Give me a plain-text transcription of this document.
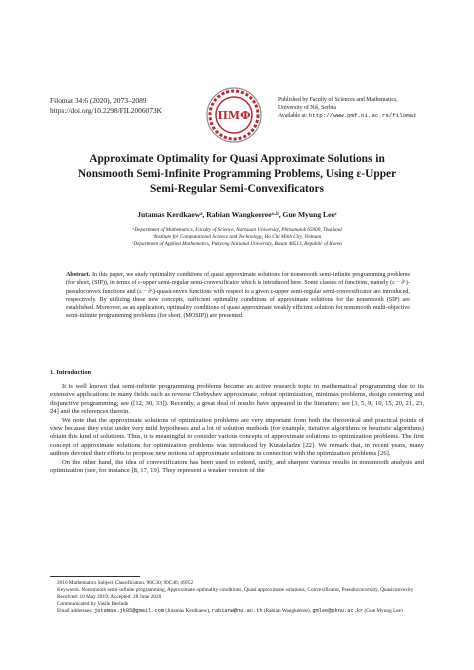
Filomat 34:6 (2020), 2073–2089
https://doi.org/10.2298/FIL2006073K	ПМФ
Published by Faculty of Sciences and Mathematics,
University of Niš, Serbia
Available at: http://www.pmf.ni.ac.rs/filomat
Approximate Optimality for Quasi Approximate Solutions in
Nonsmooth Semi-Infinite Programming Problems, Using ε-Upper
Semi-Regular Semi-Convexificators
Jutamas Kerdkaewᵃ, Rabian Wangkeereeᵃ·ᵇ, Gue Myung Leeᶜ
ᵃDepartment of Mathematics, Faculty of Science, Naresuan University, Phitsanulok 65000, Thailand
ᵇInstitute for Computational Science and Technology, Ho Chi Minh City, Vietnam
ᶜDepartment of Applied Mathematics, Pukyong National University, Busan 48513, Republic of Korea
Abstract. In this paper, we study optimality conditions of quasi approximate solutions for nonsmooth semi-infinite programming problems (for short, (SIP)), in terms of ε-upper semi-regular semi-convexificator which is introduced here. Some classes of functions, namely (ε − ∂ᶜ)-pseudoconvex functions and (ε − ∂ᶜ)-quasiconvex functions with respect to a given ε-upper semi-regular semi-convexificator are introduced, respectively. By utilizing these new concepts, sufficient optimality conditions of approximate solutions for the nonsmooth (SIP) are established. Moreover, as an application, optimality conditions of quasi approximate weakly efficient solution for nonsmooth multi-objective semi-infinite programming problems (for short, (MOSIP)) are presented.
1. Introduction

It is well known that semi-infinite programming problems became an active research topic in mathematical programming due to its extensive applications in many fields such as reverse Chebyshev approximate, robust optimization, minimax problems, design centering and disjunctive programming; see ([12, 30, 33]). Recently, a great deal of results have appeared in the literature; see [3, 5, 9, 10, 15, 20, 21, 23, 24] and the references therein.

We note that the approximate solutions of optimization problems are very important from both the theoretical and practical points of view because they exist under very mild hypotheses and a lot of solution methods (for example, iterative algorithms or heuristic algorithms) obtain this kind of solutions. Thus, it is meaningful to consider various concepts of approximate solutions to optimization problems. The first concept of approximate solutions for optimization problems was introduced by Kutateladze [22]. We remark that, in recent years, many authors devoted their efforts to propose new notions of approximate solutions in connection with the optimization problems [26].

On the other hand, the idea of convexificators has been used to extend, unify, and sharpen various results in nonsmooth analysis and optimization (see, for instance [8, 17, 19]. They represent a weaker version of the

2010 Mathematics Subject Classification. 90C30; 90C46; 49J52

Keywords. Nonsmooth semi-infinite programming, Approximate optimality conditions, Quasi approximate solutions, Convexificator, Pseudoconvexity, Quasiconvexity

Received: 10 May 2019; Accepted: 28 June 2020

Communicated by Vasile Berinde

Email addresses: jutamas.jk85@gmail.com (Jutamas Kerdkaew), rabianw@nu.ac.th (Rabian Wangkeeree), gmlee@pknu.ac.kr (Gue Myung Lee)
